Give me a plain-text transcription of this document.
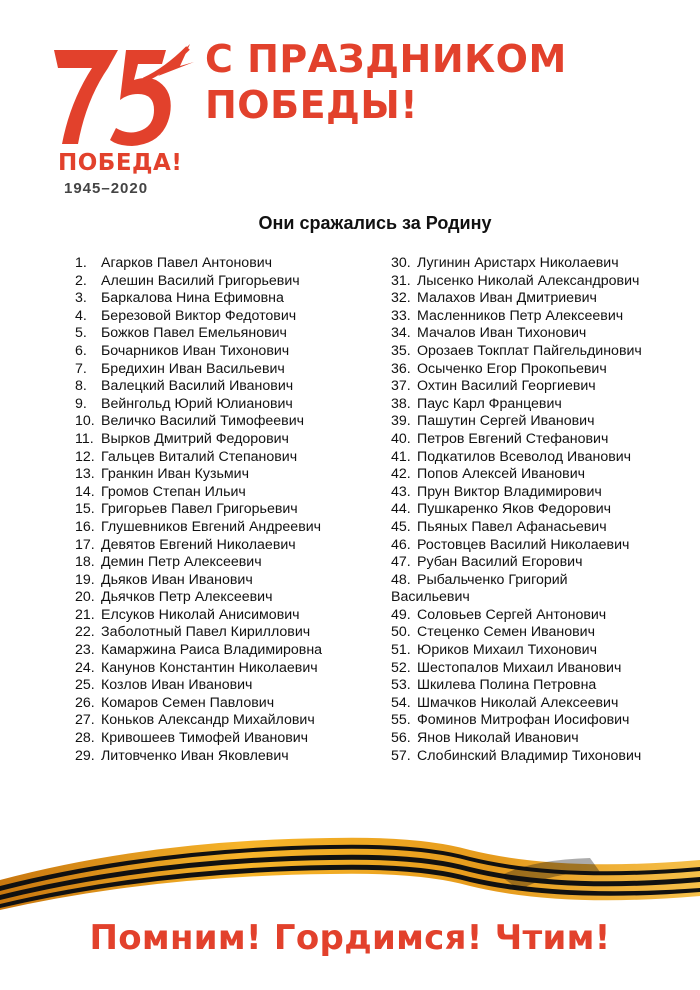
ПОБЕДА!
1945–2020
С ПРАЗДНИКОМ
ПОБЕДЫ!
Они сражались за Родину
1. Агарков Павел Антонович
2. Алешин Василий Григорьевич
3. Баркалова Нина Ефимовна
4. Березовой Виктор Федотович
5. Божков Павел Емельянович
6. Бочарников Иван Тихонович
7. Бредихин Иван Васильевич
8. Валецкий Василий Иванович
9. Вейнгольд Юрий Юлианович
10. Величко Василий Тимофеевич
11. Вырков Дмитрий Федорович
12. Гальцев Виталий Степанович
13. Гранкин Иван Кузьмич
14. Громов Степан Ильич
15. Григорьев Павел Григорьевич
16. Глушевников Евгений Андреевич
17. Девятов Евгений Николаевич
18. Демин Петр Алексеевич
19. Дьяков Иван Иванович
20. Дьячков Петр Алексеевич
21. Елсуков Николай Анисимович
22. Заболотный Павел Кириллович
23. Камаржина Раиса Владимировна
24. Канунов Константин Николаевич
25. Козлов Иван Иванович
26. Комаров Семен Павлович
27. Коньков Александр Михайлович
28. Кривошеев Тимофей Иванович
29. Литовченко Иван Яковлевич
30. Лугинин Аристарх Николаевич
31. Лысенко Николай Александрович
32. Малахов Иван Дмитриевич
33. Масленников Петр Алексеевич
34. Мачалов Иван Тихонович
35. Орозаев Токплат Пайгельдинович
36. Осыченко Егор Прокопьевич
37. Охтин Василий Георгиевич
38. Паус Карл Францевич
39. Пашутин Сергей Иванович
40. Петров Евгений Стефанович
41. Подкатилов Всеволод Иванович
42. Попов Алексей Иванович
43. Прун Виктор Владимирович
44. Пушкаренко Яков Федорович
45. Пьяных Павел Афанасьевич
46. Ростовцев Василий Николаевич
47. Рубан Василий Егорович
48. Рыбальченко Григорий
Васильевич
49. Соловьев Сергей Антонович
50. Стеценко Семен Иванович
51. Юриков Михаил Тихонович
52. Шестопалов Михаил Иванович
53. Шкилева Полина Петровна
54. Шмачков Николай Алексеевич
55. Фоминов Митрофан Иосифович
56. Янов Николай Иванович
57. Слобинский Владимир Тихонович
Помним! Гордимся! Чтим!
